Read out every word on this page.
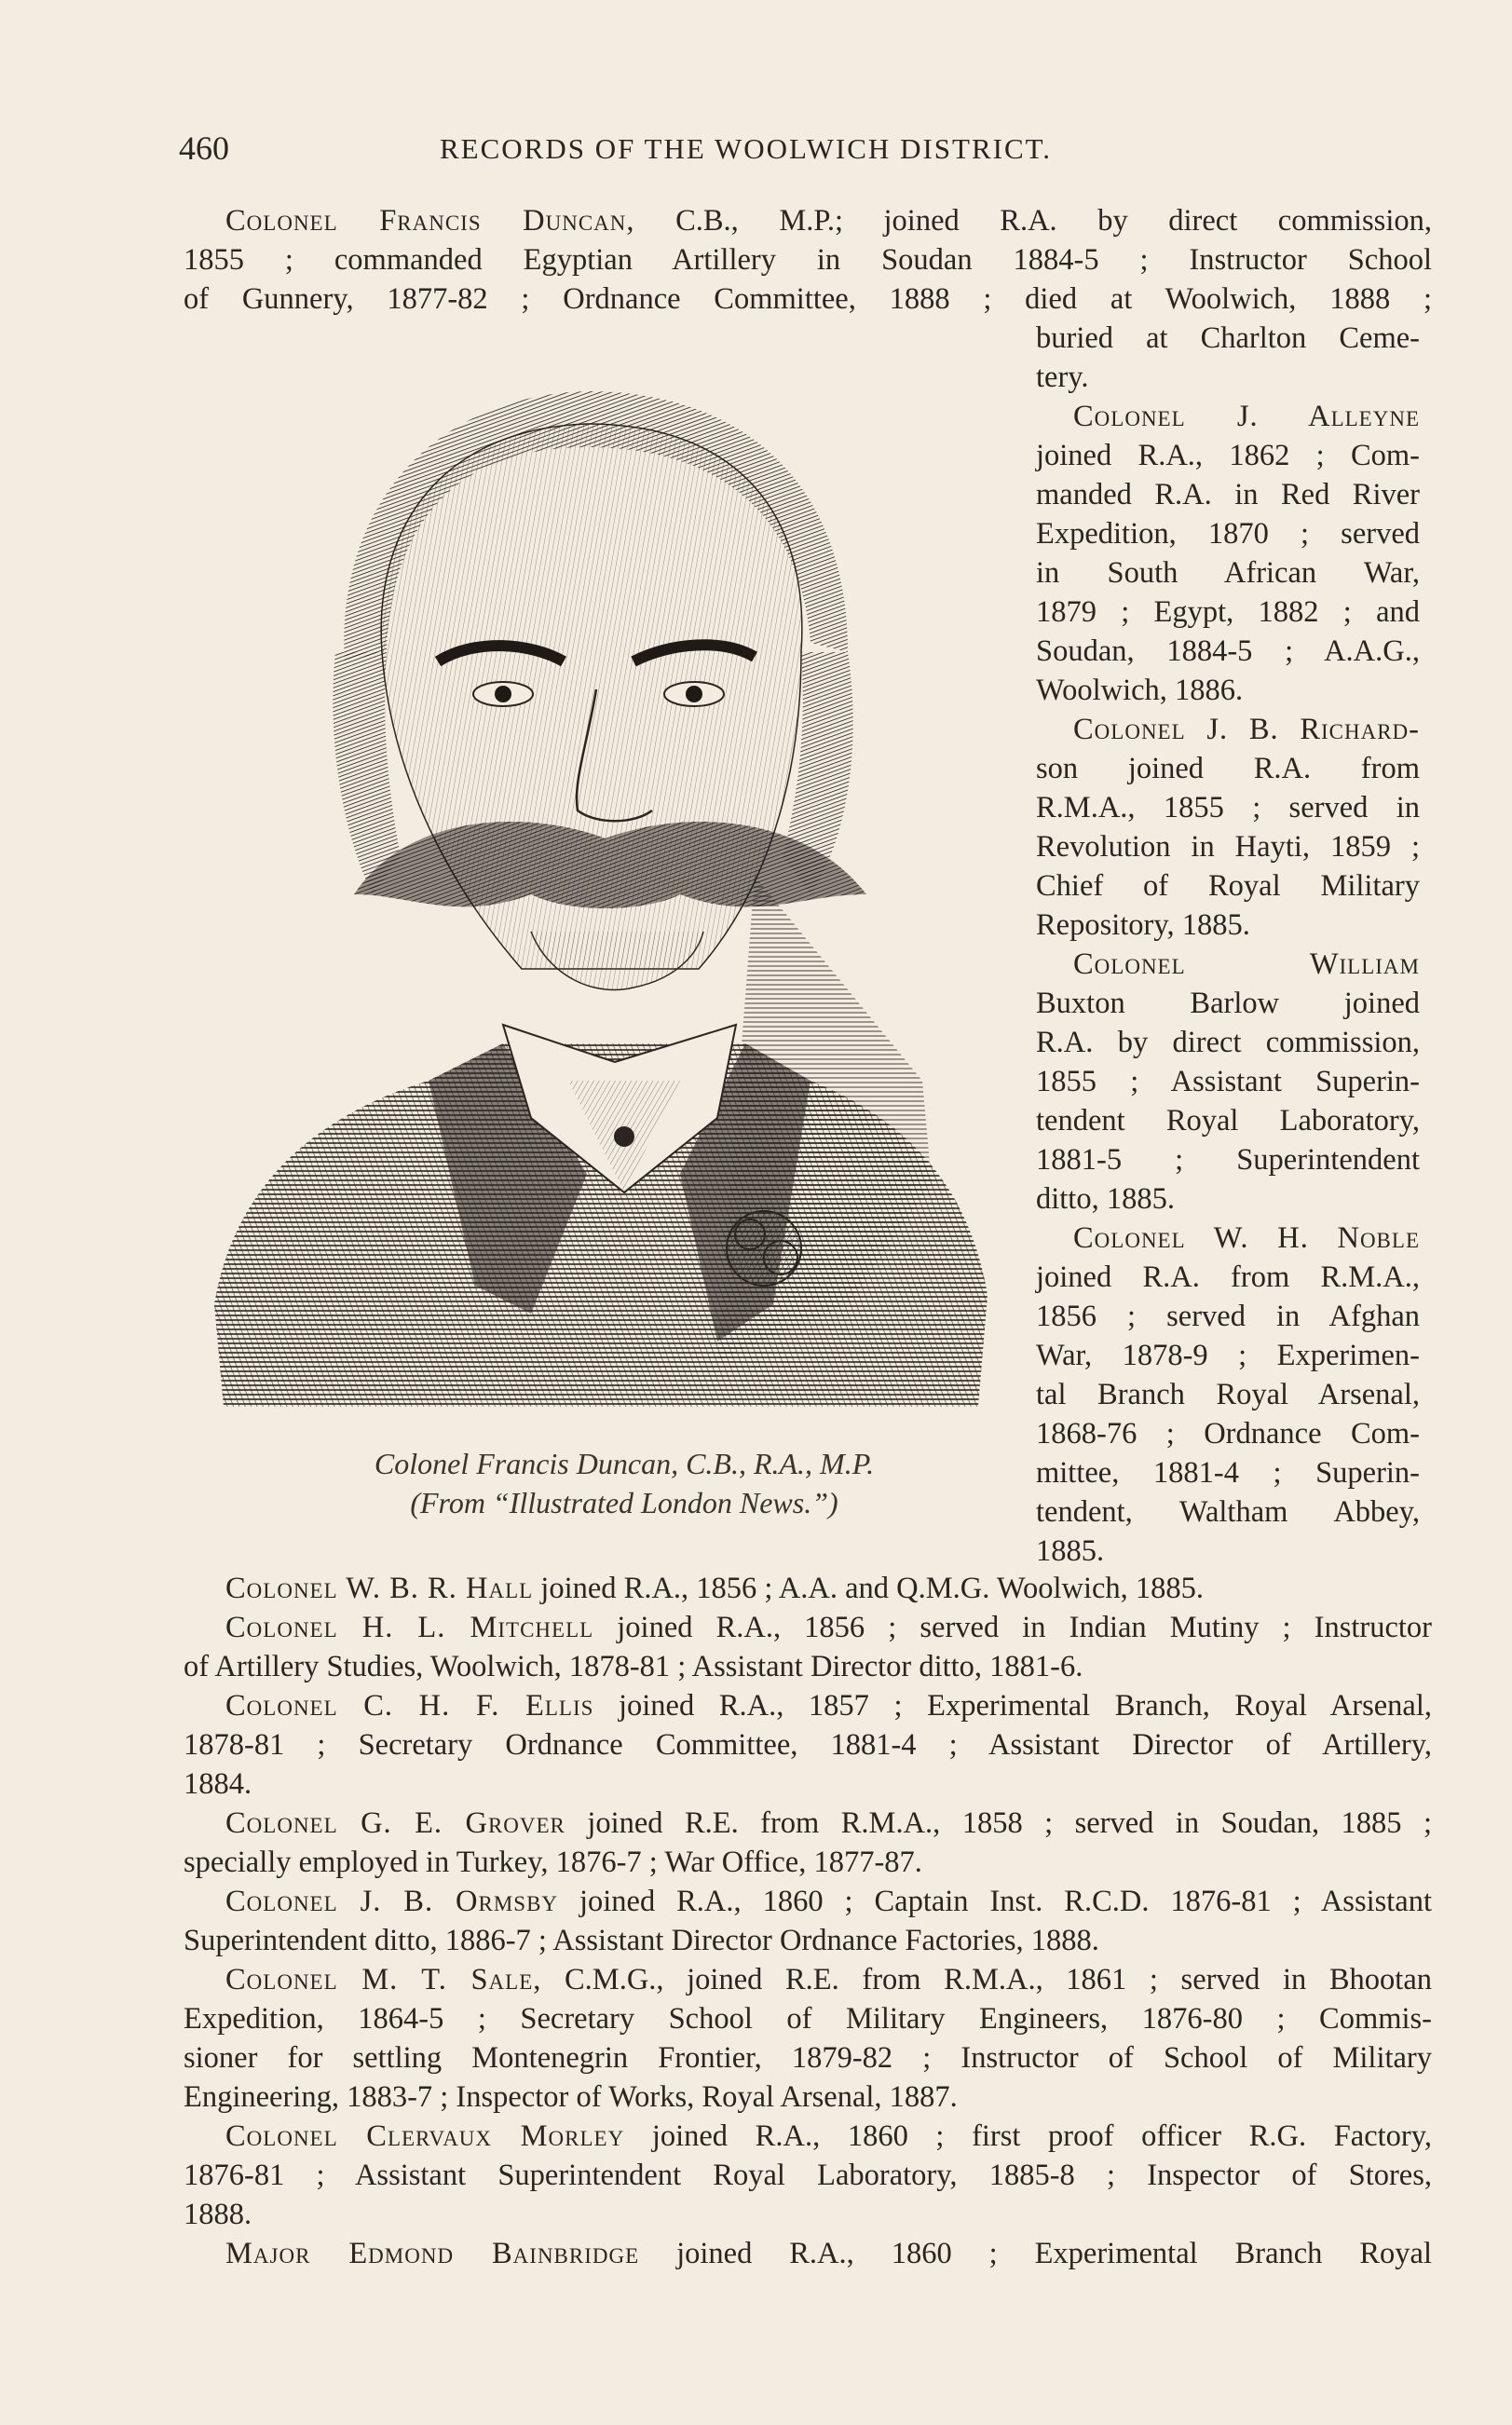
460	RECORDS OF THE WOOLWICH DISTRICT.
Colonel Francis Duncan, C.B., M.P.; joined R.A. by direct commission,
1855 ; commanded Egyptian Artillery in Soudan 1884-5 ; Instructor School
of Gunnery, 1877-82 ; Ordnance Committee, 1888 ; died at Woolwich, 1888 ;
buried at Charlton Ceme-
tery.
Colonel J. Alleyne
joined R.A., 1862 ; Com-
manded R.A. in Red River
Expedition, 1870 ; served
in South African War,
1879 ; Egypt, 1882 ; and
Soudan, 1884-5 ; A.A.G.,
Woolwich, 1886.
Colonel J. B. Richard-
son joined R.A. from
R.M.A., 1855 ; served in
Revolution in Hayti, 1859 ;
Chief of Royal Military
Repository, 1885.
Colonel William
Buxton Barlow joined
R.A. by direct commission,
1855 ; Assistant Superin-
tendent Royal Laboratory,
1881-5 ; Superintendent
ditto, 1885.
Colonel W. H. Noble
joined R.A. from R.M.A.,
1856 ; served in Afghan
War, 1878-9 ; Experimen-
tal Branch Royal Arsenal,
1868-76 ; Ordnance Com-
mittee, 1881-4 ; Superin-
tendent, Waltham Abbey,
1885.
Colonel Francis Duncan, C.B., R.A., M.P.
(From “Illustrated London News.”)
Colonel W. B. R. Hall joined R.A., 1856 ; A.A. and Q.M.G. Woolwich, 1885.
Colonel H. L. Mitchell joined R.A., 1856 ; served in Indian Mutiny ; Instructor
of Artillery Studies, Woolwich, 1878-81 ; Assistant Director ditto, 1881-6.
Colonel C. H. F. Ellis joined R.A., 1857 ; Experimental Branch, Royal Arsenal,
1878-81 ; Secretary Ordnance Committee, 1881-4 ; Assistant Director of Artillery,
1884.
Colonel G. E. Grover joined R.E. from R.M.A., 1858 ; served in Soudan, 1885 ;
specially employed in Turkey, 1876-7 ; War Office, 1877-87.
Colonel J. B. Ormsby joined R.A., 1860 ; Captain Inst. R.C.D. 1876-81 ; Assistant
Superintendent ditto, 1886-7 ; Assistant Director Ordnance Factories, 1888.
Colonel M. T. Sale, C.M.G., joined R.E. from R.M.A., 1861 ; served in Bhootan
Expedition, 1864-5 ; Secretary School of Military Engineers, 1876-80 ; Commis-
sioner for settling Montenegrin Frontier, 1879-82 ; Instructor of School of Military
Engineering, 1883-7 ; Inspector of Works, Royal Arsenal, 1887.
Colonel Clervaux Morley joined R.A., 1860 ; first proof officer R.G. Factory,
1876-81 ; Assistant Superintendent Royal Laboratory, 1885-8 ; Inspector of Stores,
1888.
Major Edmond Bainbridge joined R.A., 1860 ; Experimental Branch Royal
